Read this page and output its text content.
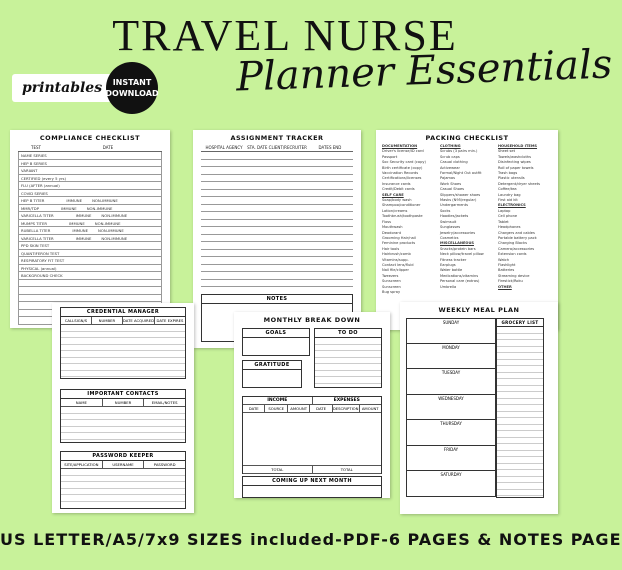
TRAVEL NURSE
Planner Essentials
printables	INSTANT
DOWNLOAD
COMPLIANCE CHECKLIST
TEST	DATE
NAME SERIES
HEP B SERIES
VARIANT
CERTIFIED (every 5 yrs)
FLU (AFTER (annual)
COVID SERIES
HEP B TITER	IMMUNE	NON-IMMUNE
MMR/TDP	IMMUNE	NON-IMMUNE
VARICELLA TITER	IMMUNE	NON-IMMUNE
MUMPS TITER	IMMUNE	NON-IMMUNE
RUBELLA TITER	IMMUNE	NON-IMMUNE
VARICELLA TITER	IMMUNE	NON-IMMUNE
PPD SKIN TEST
QUANTIFERON TEST
RESPIRATORY FIT TEST
PHYSICAL (annual)
BACKGROUND CHECK
ASSIGNMENT TRACKER
HOSPITAL AGENCY	STA. DATE CLIENT/RECRUITER	DATES END
NOTES
PACKING CHECKLIST
DOCUMENTATION
Driver's license/ID card
Passport
Soc Security card (copy)
Birth certificate (copy)
Vaccination Records
Certifications/licenses
Insurance cards
Credit/Debit cards
SELF CARE
Soap/body wash
Shampoo/conditioner
Lotion/creams
Toothbrush/toothpaste
Floss
Mouthwash
Deodorant
Grooming Hair/nail
Feminine products
Hair tools
Hairbrush/comb
Vitamins/supp.
Contact lens/fluid
Nail file/clipper
Tweezers
Sunscreen
Sunscreen
Bug spray
CLOTHING
Scrubs (3 pairs min.)
Scrub caps
Casual clothing
Activewear
Formal/Night Out outfit
Pajamas
Work Shoes
Casual Shoes
Slippers/shower shoes
Masks (N95/regular)
Undergarments
Socks
Hoodies/jackets
Swimsuit
Sunglasses
Jewelry/accessories
Cosmetics
MISCELLANEOUS
Snacks/protein bars
Neck pillow/travel pillow
Fitness tracker
Earplugs
Water bottle
Medications/vitamins
Personal care (extras)
Umbrella
HOUSEHOLD ITEMS
Sheet set
Towels/washcloths
Disinfecting wipes
Roll of paper towels
Trash bags
Plastic utensils
Detergent/dryer sheets
Coffee/tea
Laundry bag
First aid kit
ELECTRONICS
Laptop
Cell phone
Tablet
Headphones
Chargers and cables
Portable battery pack
Charging Blocks
Camera/accessories
Extension cords
Watch
Flashlight
Batteries
Streaming device
Firestick/Roku
OTHER
CREDENTIAL MANAGER
CALLSIGN/S	NUMBER	DATE ACQUIRED DATE EXPIRES
IMPORTANT CONTACTS
NAME	NUMBER	EMAIL/NOTES
PASSWORD KEEPER
SITE/APPLICATION	USERNAME	PASSWORD
MONTHLY BREAK DOWN
GOALS	TO DO
GRATITUDE
INCOME	EXPENSES
DATE	SOURCE	AMOUNT	DATE	DESCRIPTION AMOUNT
TOTAL	TOTAL
COMING UP NEXT MONTH
WEEKLY MEAL PLAN
SUNDAY
MONDAY
TUESDAY
WEDNESDAY
THURSDAY
FRIDAY
SATURDAY
GROCERY LIST
US LETTER/A5/7x9 SIZES included-PDF-6 PAGES & NOTES PAGE
